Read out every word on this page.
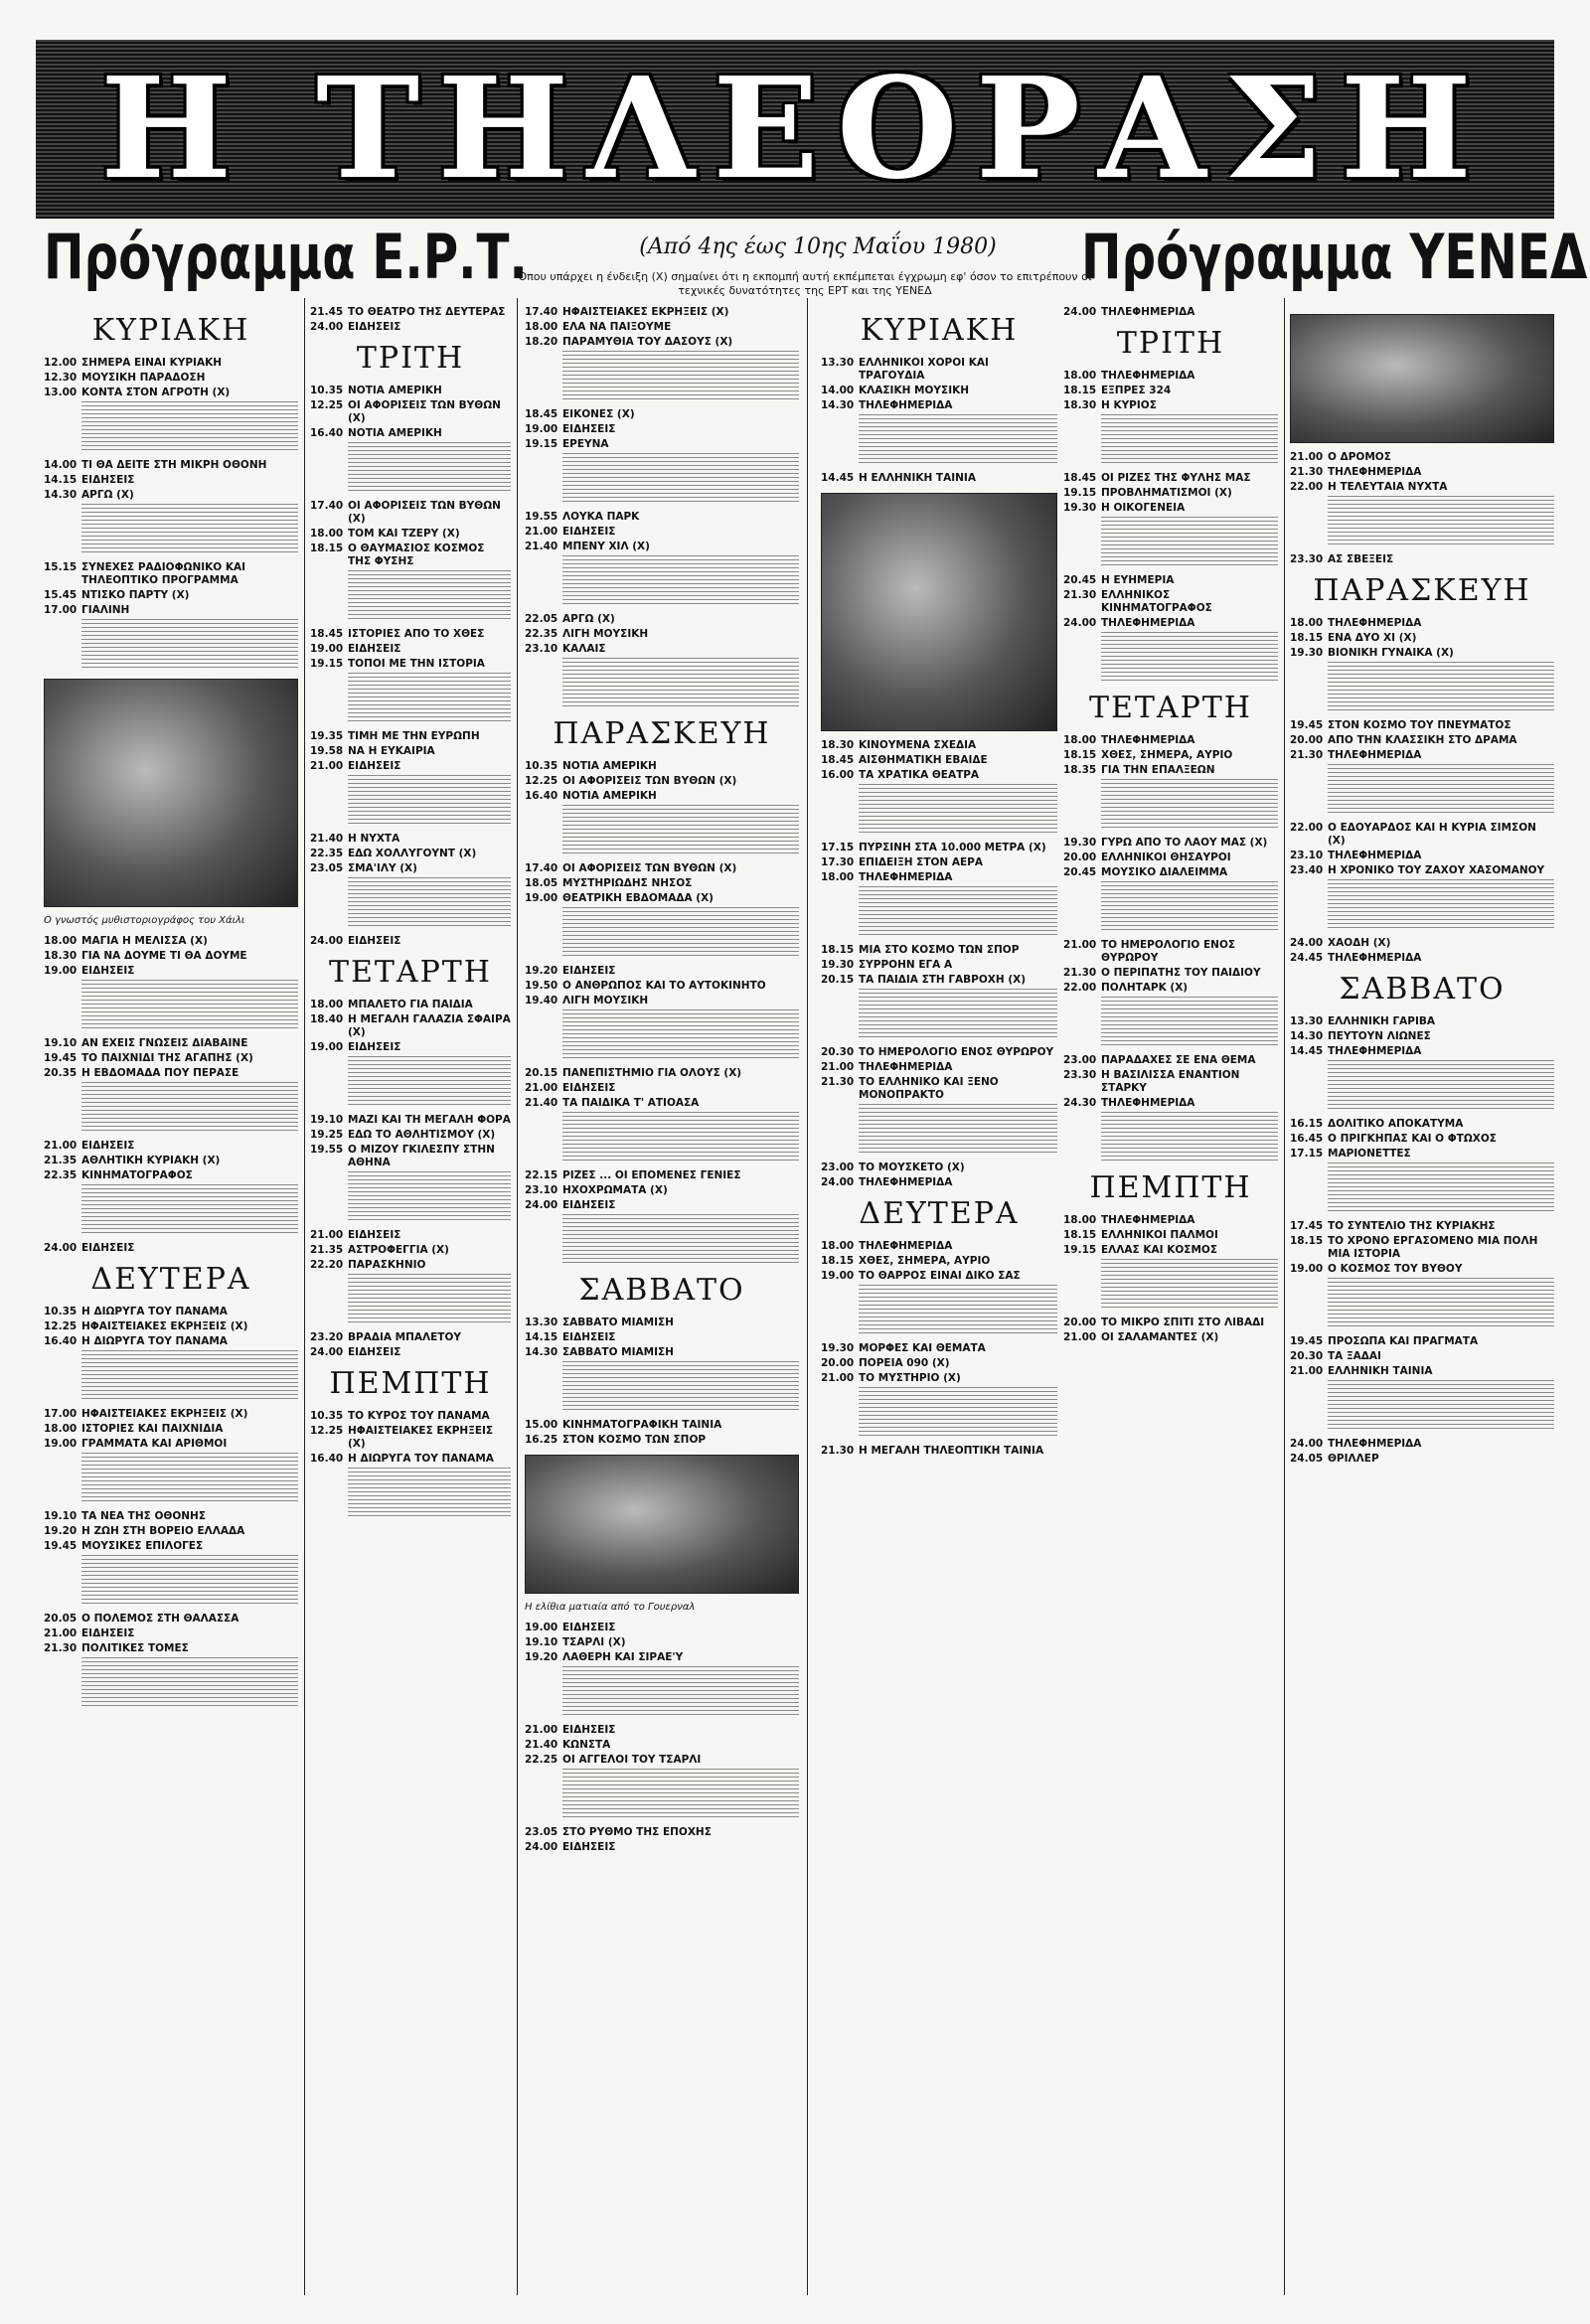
Η ΤΗΛΕΟΡΑΣΗ
Πρόγραμμα Ε.Ρ.Τ.	Πρόγραμμα ΥΕΝΕΔ
(Από 4ης έως 10ης Μαΐου 1980)
Οπου υπάρχει η ένδειξη (Χ) σημαίνει ότι η εκπομπή αυτή εκπέμπεται έγχρωμη εφ' όσον το επιτρέπουν οι τεχνικές δυνατότητες της ΕΡΤ και της ΥΕΝΕΔ
ΚΥΡΙΑΚΗ
12.00 ΣΗΜΕΡΑ ΕΙΝΑΙ ΚΥΡΙΑΚΗ
12.30 ΜΟΥΣΙΚΗ ΠΑΡΑΔΟΣΗ
13.00 ΚΟΝΤΑ ΣΤΟΝ ΑΓΡΟΤΗ (Χ)
14.00 ΤΙ ΘΑ ΔΕΙΤΕ ΣΤΗ ΜΙΚΡΗ ΟΘΟΝΗ
14.15 ΕΙΔΗΣΕΙΣ
14.30 ΑΡΓΩ (Χ)
15.15 ΣΥΝΕΧΕΣ ΡΑΔΙΟΦΩΝΙΚΟ ΚΑΙ ΤΗΛΕΟΠΤΙΚΟ ΠΡΟΓΡΑΜΜΑ
15.45 ΝΤΙΣΚΟ ΠΑΡΤΥ (Χ)
17.00 ΓΙΑΛΙΝΗ
Ο γνωστός μυθιστοριογράφος του Χάιλι
18.00 ΜΑΓΙΑ Η ΜΕΛΙΣΣΑ (Χ)
18.30 ΓΙΑ ΝΑ ΔΟΥΜΕ ΤΙ ΘΑ ΔΟΥΜΕ
19.00 ΕΙΔΗΣΕΙΣ
19.10 ΑΝ ΕΧΕΙΣ ΓΝΩΣΕΙΣ ΔΙΑΒΑΙΝΕ
19.45 ΤΟ ΠΑΙΧΝΙΔΙ ΤΗΣ ΑΓΑΠΗΣ (Χ)
20.35 Η ΕΒΔΟΜΑΔΑ ΠΟΥ ΠΕΡΑΣΕ
21.00 ΕΙΔΗΣΕΙΣ
21.35 ΑΘΛΗΤΙΚΗ ΚΥΡΙΑΚΗ (Χ)
22.35 ΚΙΝΗΜΑΤΟΓΡΑΦΟΣ
24.00 ΕΙΔΗΣΕΙΣ
ΔΕΥΤΕΡΑ
10.35 Η ΔΙΩΡΥΓΑ ΤΟΥ ΠΑΝΑΜΑ
12.25 ΗΦΑΙΣΤΕΙΑΚΕΣ ΕΚΡΗΞΕΙΣ (Χ)
16.40 Η ΔΙΩΡΥΓΑ ΤΟΥ ΠΑΝΑΜΑ
17.00 ΗΦΑΙΣΤΕΙΑΚΕΣ ΕΚΡΗΞΕΙΣ (Χ)
18.00 ΙΣΤΟΡΙΕΣ ΚΑΙ ΠΑΙΧΝΙΔΙΑ
19.00 ΓΡΑΜΜΑΤΑ ΚΑΙ ΑΡΙΘΜΟΙ
19.10 ΤΑ ΝΕΑ ΤΗΣ ΟΘΟΝΗΣ
19.20 Η ΖΩΗ ΣΤΗ ΒΟΡΕΙΟ ΕΛΛΑΔΑ
19.45 ΜΟΥΣΙΚΕΣ ΕΠΙΛΟΓΕΣ
20.05 Ο ΠΟΛΕΜΟΣ ΣΤΗ ΘΑΛΑΣΣΑ
21.00 ΕΙΔΗΣΕΙΣ
21.30 ΠΟΛΙΤΙΚΕΣ ΤΟΜΕΣ
21.45 ΤΟ ΘΕΑΤΡΟ ΤΗΣ ΔΕΥΤΕΡΑΣ
24.00 ΕΙΔΗΣΕΙΣ
ΤΡΙΤΗ
10.35 ΝΟΤΙΑ ΑΜΕΡΙΚΗ
12.25 ΟΙ ΑΦΟΡΙΣΕΙΣ ΤΩΝ ΒΥΘΩΝ (Χ)
16.40 ΝΟΤΙΑ ΑΜΕΡΙΚΗ
17.40 ΟΙ ΑΦΟΡΙΣΕΙΣ ΤΩΝ ΒΥΘΩΝ (Χ)
18.00 ΤΟΜ ΚΑΙ ΤΖΕΡΥ (Χ)
18.15 Ο ΘΑΥΜΑΣΙΟΣ ΚΟΣΜΟΣ ΤΗΣ ΦΥΣΗΣ
18.45 ΙΣΤΟΡΙΕΣ ΑΠΟ ΤΟ ΧΘΕΣ
19.00 ΕΙΔΗΣΕΙΣ
19.15 ΤΟΠΟΙ ΜΕ ΤΗΝ ΙΣΤΟΡΙΑ
19.35 ΤΙΜΗ ΜΕ ΤΗΝ ΕΥΡΩΠΗ
19.58 ΝΑ Η ΕΥΚΑΙΡΙΑ
21.00 ΕΙΔΗΣΕΙΣ
21.40 Η ΝΥΧΤΑ
22.35 ΕΔΩ ΧΟΛΛΥΓΟΥΝΤ (Χ)
23.05 ΣΜΑ'ΙΛΥ (Χ)
24.00 ΕΙΔΗΣΕΙΣ
ΤΕΤΑΡΤΗ
18.00 ΜΠΑΛΕΤΟ ΓΙΑ ΠΑΙΔΙΑ
18.40 Η ΜΕΓΑΛΗ ΓΑΛΑΖΙΑ ΣΦΑΙΡΑ (Χ)
19.00 ΕΙΔΗΣΕΙΣ
19.10 ΜΑΖΙ ΚΑΙ ΤΗ ΜΕΓΑΛΗ ΦΟΡΑ
19.25 ΕΔΩ ΤΟ ΑΘΛΗΤΙΣΜΟΥ (Χ)
19.55 Ο ΜΙΖΟΥ ΓΚΙΛΕΣΠΥ ΣΤΗΝ ΑΘΗΝΑ
21.00 ΕΙΔΗΣΕΙΣ
21.35 ΑΣΤΡΟΦΕΓΓΙΑ (Χ)
22.20 ΠΑΡΑΣΚΗΝΙΟ
23.20 ΒΡΑΔΙΑ ΜΠΑΛΕΤΟΥ
24.00 ΕΙΔΗΣΕΙΣ
ΠΕΜΠΤΗ
10.35 ΤΟ ΚΥΡΟΣ ΤΟΥ ΠΑΝΑΜΑ
12.25 ΗΦΑΙΣΤΕΙΑΚΕΣ ΕΚΡΗΞΕΙΣ (Χ)
16.40 Η ΔΙΩΡΥΓΑ ΤΟΥ ΠΑΝΑΜΑ
17.40 ΗΦΑΙΣΤΕΙΑΚΕΣ ΕΚΡΗΞΕΙΣ (Χ)
18.00 ΕΛΑ ΝΑ ΠΑΙΞΟΥΜΕ
18.20 ΠΑΡΑΜΥΘΙΑ ΤΟΥ ΔΑΣΟΥΣ (Χ)
18.45 ΕΙΚΟΝΕΣ (Χ)
19.00 ΕΙΔΗΣΕΙΣ
19.15 ΕΡΕΥΝΑ
19.55 ΛΟΥΚΑ ΠΑΡΚ
21.00 ΕΙΔΗΣΕΙΣ
21.40 ΜΠΕΝΥ ΧΙΛ (Χ)
22.05 ΑΡΓΩ (Χ)
22.35 ΛΙΓΗ ΜΟΥΣΙΚΗ
23.10 ΚΑΛΑΙΣ
ΠΑΡΑΣΚΕΥΗ
10.35 ΝΟΤΙΑ ΑΜΕΡΙΚΗ
12.25 ΟΙ ΑΦΟΡΙΣΕΙΣ ΤΩΝ ΒΥΘΩΝ (Χ)
16.40 ΝΟΤΙΑ ΑΜΕΡΙΚΗ
17.40 ΟΙ ΑΦΟΡΙΣΕΙΣ ΤΩΝ ΒΥΘΩΝ (Χ)
18.05 ΜΥΣΤΗΡΙΩΔΗΣ ΝΗΣΟΣ
19.00 ΘΕΑΤΡΙΚΗ ΕΒΔΟΜΑΔΑ (Χ)
19.20 ΕΙΔΗΣΕΙΣ
19.50 Ο ΑΝΘΡΩΠΟΣ ΚΑΙ ΤΟ ΑΥΤΟΚΙΝΗΤΟ
19.40 ΛΙΓΗ ΜΟΥΣΙΚΗ
20.15 ΠΑΝΕΠΙΣΤΗΜΙΟ ΓΙΑ ΟΛΟΥΣ (Χ)
21.00 ΕΙΔΗΣΕΙΣ
21.40 ΤΑ ΠΑΙΔΙΚΑ Τ' ΑΤΙΟΑΣΑ
22.15 ΡΙΖΕΣ ... ΟΙ ΕΠΟΜΕΝΕΣ ΓΕΝΙΕΣ
23.10 ΗΧΟΧΡΩΜΑΤΑ (Χ)
24.00 ΕΙΔΗΣΕΙΣ
ΣΑΒΒΑΤΟ
13.30 ΣΑΒΒΑΤΟ ΜΙΑΜΙΣΗ
14.15 ΕΙΔΗΣΕΙΣ
14.30 ΣΑΒΒΑΤΟ ΜΙΑΜΙΣΗ
15.00 ΚΙΝΗΜΑΤΟΓΡΑΦΙΚΗ ΤΑΙΝΙΑ
16.25 ΣΤΟΝ ΚΟΣΜΟ ΤΩΝ ΣΠΟΡ
Η ελίθια ματιαία από το Γουερναλ
19.00 ΕΙΔΗΣΕΙΣ
19.10 ΤΣΑΡΛΙ (Χ)
19.20 ΛΑΘΕΡΗ ΚΑΙ ΣΙΡΑΕ'Υ
21.00 ΕΙΔΗΣΕΙΣ
21.40 ΚΩΝΣΤΑ
22.25 ΟΙ ΑΓΓΕΛΟΙ ΤΟΥ ΤΣΑΡΛΙ
23.05 ΣΤΟ ΡΥΘΜΟ ΤΗΣ ΕΠΟΧΗΣ
24.00 ΕΙΔΗΣΕΙΣ
ΚΥΡΙΑΚΗ
13.30 ΕΛΛΗΝΙΚΟΙ ΧΟΡΟΙ ΚΑΙ ΤΡΑΓΟΥΔΙΑ
14.00 ΚΛΑΣΙΚΗ ΜΟΥΣΙΚΗ
14.30 ΤΗΛΕΦΗΜΕΡΙΔΑ
14.45 Η ΕΛΛΗΝΙΚΗ ΤΑΙΝΙΑ
18.30 ΚΙΝΟΥΜΕΝΑ ΣΧΕΔΙΑ
18.45 ΑΙΣΘΗΜΑΤΙΚΗ ΕΒΑΙΔΕ
16.00 ΤΑ ΧΡΑΤΙΚΑ ΘΕΑΤΡΑ
17.15 ΠΥΡΣΙΝΗ ΣΤΑ 10.000 ΜΕΤΡΑ (Χ)
17.30 ΕΠΙΔΕΙΞΗ ΣΤΟΝ ΑΕΡΑ
18.00 ΤΗΛΕΦΗΜΕΡΙΔΑ
18.15 ΜΙΑ ΣΤΟ ΚΟΣΜΟ ΤΩΝ ΣΠΟΡ
19.30 ΣΥΡΡΟΗΝ ΕΓΑ Α
20.15 ΤΑ ΠΑΙΔΙΑ ΣΤΗ ΓΑΒΡΟΧΗ (Χ)
20.30 ΤΟ ΗΜΕΡΟΛΟΓΙΟ ΕΝΟΣ ΘΥΡΩΡΟΥ
21.00 ΤΗΛΕΦΗΜΕΡΙΔΑ
21.30 ΤΟ ΕΛΛΗΝΙΚΟ ΚΑΙ ΞΕΝΟ ΜΟΝΟΠΡΑΚΤΟ
23.00 ΤΟ ΜΟΥΣΚΕΤΟ (Χ)
24.00 ΤΗΛΕΦΗΜΕΡΙΔΑ
ΔΕΥΤΕΡΑ
18.00 ΤΗΛΕΦΗΜΕΡΙΔΑ
18.15 ΧΘΕΣ, ΣΗΜΕΡΑ, ΑΥΡΙΟ
19.00 ΤΟ ΘΑΡΡΟΣ ΕΙΝΑΙ ΔΙΚΟ ΣΑΣ
19.30 ΜΟΡΦΕΣ ΚΑΙ ΘΕΜΑΤΑ
20.00 ΠΟΡΕΙΑ 090 (Χ)
21.00 ΤΟ ΜΥΣΤΗΡΙΟ (Χ)
21.30 Η ΜΕΓΑΛΗ ΤΗΛΕΟΠΤΙΚΗ ΤΑΙΝΙΑ
24.00 ΤΗΛΕΦΗΜΕΡΙΔΑ
ΤΡΙΤΗ
18.00 ΤΗΛΕΦΗΜΕΡΙΔΑ
18.15 ΕΞΠΡΕΣ 324
18.30 Η ΚΥΡΙΟΣ
18.45 ΟΙ ΡΙΖΕΣ ΤΗΣ ΦΥΛΗΣ ΜΑΣ
19.15 ΠΡΟΒΛΗΜΑΤΙΣΜΟΙ (Χ)
19.30 Η ΟΙΚΟΓΕΝΕΙΑ
20.45 Η ΕΥΗΜΕΡΙΑ
21.30 ΕΛΛΗΝΙΚΟΣ ΚΙΝΗΜΑΤΟΓΡΑΦΟΣ
24.00 ΤΗΛΕΦΗΜΕΡΙΔΑ
ΤΕΤΑΡΤΗ
18.00 ΤΗΛΕΦΗΜΕΡΙΔΑ
18.15 ΧΘΕΣ, ΣΗΜΕΡΑ, ΑΥΡΙΟ
18.35 ΓΙΑ ΤΗΝ ΕΠΑΛΞΕΩΝ
19.30 ΓΥΡΩ ΑΠΟ ΤΟ ΛΑΟΥ ΜΑΣ (Χ)
20.00 ΕΛΛΗΝΙΚΟΙ ΘΗΣΑΥΡΟΙ
20.45 ΜΟΥΣΙΚΟ ΔΙΑΛΕΙΜΜΑ
21.00 ΤΟ ΗΜΕΡΟΛΟΓΙΟ ΕΝΟΣ ΘΥΡΩΡΟΥ
21.30 Ο ΠΕΡΙΠΑΤΗΣ ΤΟΥ ΠΑΙΔΙΟΥ
22.00 ΠΟΛΗΤΑΡΚ (Χ)
23.00 ΠΑΡΑΔΑΧΕΣ ΣΕ ΕΝΑ ΘΕΜΑ
23.30 Η ΒΑΣΙΛΙΣΣΑ ΕΝΑΝΤΙΟΝ ΣΤΑΡΚΥ
24.30 ΤΗΛΕΦΗΜΕΡΙΔΑ
ΠΕΜΠΤΗ
18.00 ΤΗΛΕΦΗΜΕΡΙΔΑ
18.15 ΕΛΛΗΝΙΚΟΙ ΠΑΛΜΟΙ
19.15 ΕΛΛΑΣ ΚΑΙ ΚΟΣΜΟΣ
20.00 ΤΟ ΜΙΚΡΟ ΣΠΙΤΙ ΣΤΟ ΛΙΒΑΔΙ
21.00 ΟΙ ΣΑΛΑΜΑΝΤΕΣ (Χ)
21.00 Ο ΔΡΟΜΟΣ
21.30 ΤΗΛΕΦΗΜΕΡΙΔΑ
22.00 Η ΤΕΛΕΥΤΑΙΑ ΝΥΧΤΑ
23.30 ΑΣ ΣΒΕΞΕΙΣ
ΠΑΡΑΣΚΕΥΗ
18.00 ΤΗΛΕΦΗΜΕΡΙΔΑ
18.15 ΕΝΑ ΔΥΟ ΧΙ (Χ)
19.30 ΒΙΟΝΙΚΗ ΓΥΝΑΙΚΑ (Χ)
19.45 ΣΤΟΝ ΚΟΣΜΟ ΤΟΥ ΠΝΕΥΜΑΤΟΣ
20.00 ΑΠΟ ΤΗΝ ΚΛΑΣΣΙΚΗ ΣΤΟ ΔΡΑΜΑ
21.30 ΤΗΛΕΦΗΜΕΡΙΔΑ
22.00 Ο ΕΔΟΥΑΡΔΟΣ ΚΑΙ Η ΚΥΡΙΑ ΣΙΜΣΟΝ (Χ)
23.10 ΤΗΛΕΦΗΜΕΡΙΔΑ
23.40 Η ΧΡΟΝΙΚΟ ΤΟΥ ΖΑΧΟΥ ΧΑΣΟΜΑΝΟΥ
24.00 ΧΑΟΔΗ (Χ)
24.45 ΤΗΛΕΦΗΜΕΡΙΔΑ
ΣΑΒΒΑΤΟ
13.30 ΕΛΛΗΝΙΚΗ ΓΑΡΙΒΑ
14.30 ΠΕΥΤΟΥΝ ΛΙΩΝΕΣ
14.45 ΤΗΛΕΦΗΜΕΡΙΔΑ
16.15 ΔΟΛΙΤΙΚΟ ΑΠΟΚΑΤΥΜΑ
16.45 Ο ΠΡΙΓΚΗΠΑΣ ΚΑΙ Ο ΦΤΩΧΟΣ
17.15 ΜΑΡΙΟΝΕΤΤΕΣ
17.45 ΤΟ ΣΥΝΤΕΛΙΟ ΤΗΣ ΚΥΡΙΑΚΗΣ
18.15 ΤΟ ΧΡΟΝΟ ΕΡΓΑΣΟΜΕΝΟ ΜΙΑ ΠΟΛΗ ΜΙΑ ΙΣΤΟΡΙΑ
19.00 Ο ΚΟΣΜΟΣ ΤΟΥ ΒΥΘΟΥ
19.45 ΠΡΟΣΩΠΑ ΚΑΙ ΠΡΑΓΜΑΤΑ
20.30 ΤΑ ΞΑΔΑΙ
21.00 ΕΛΛΗΝΙΚΗ ΤΑΙΝΙΑ
24.00 ΤΗΛΕΦΗΜΕΡΙΔΑ
24.05 ΘΡΙΛΛΕΡ
